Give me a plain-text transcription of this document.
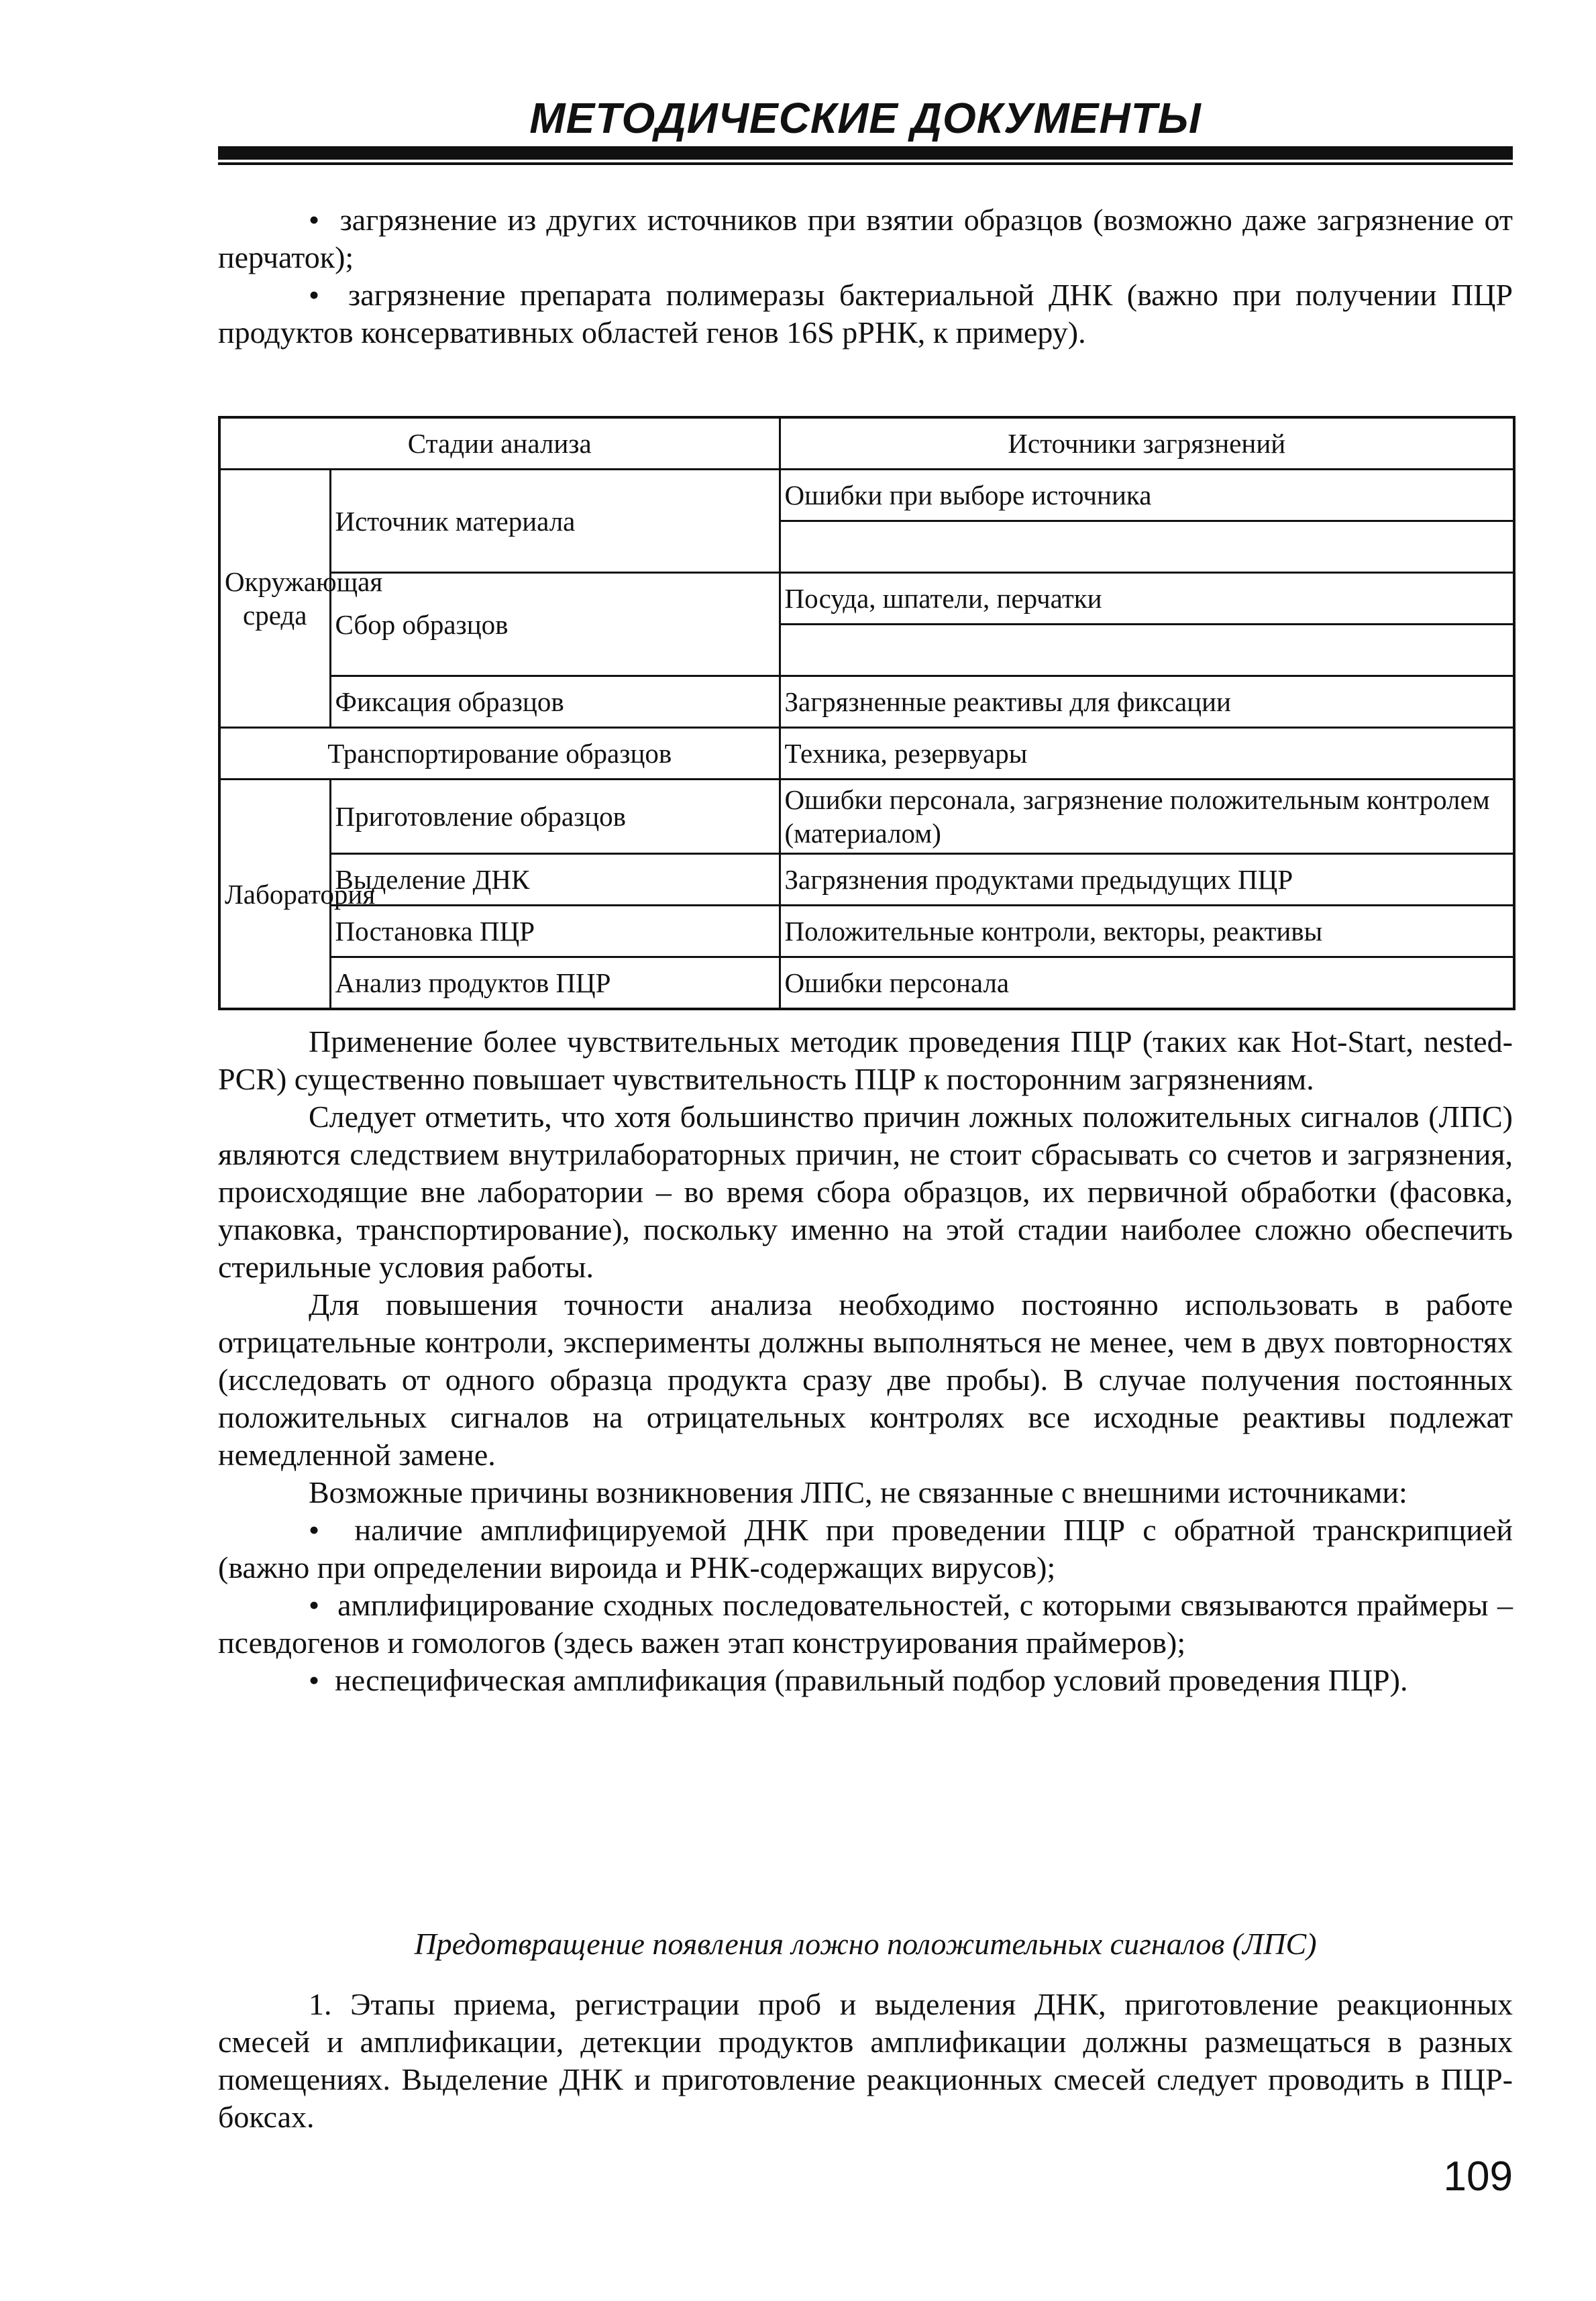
МЕТОДИЧЕСКИЕ ДОКУМЕНТЫ

•  загрязнение из других источников при взятии образцов (возможно даже загрязнение от перчаток);

•  загрязнение препарата полимеразы бактериальной ДНК (важно при получении ПЦР продуктов консервативных областей генов 16S рРНК, к примеру).

Стадии анализа		Источники загрязнений
Окружающая среда	Источник материала	Ошибки при выборе источника

	Сбор образцов	Посуда, шпатели, перчатки

	Фиксация образцов	Загрязненные реактивы для фиксации
Транспортирование образцов		Техника, резервуары
Лаборатория	Приготовление образцов	Ошибки персонала, загрязнение положительным контролем (материалом)
	Выделение ДНК	Загрязнения продуктами предыдущих ПЦР
	Постановка ПЦР	Положительные контроли, векторы, реактивы
	Анализ продуктов ПЦР	Ошибки персонала

Применение более чувствительных методик проведения ПЦР (таких как Hot-Start, nested-PCR) существенно повышает чувствительность ПЦР к посторонним загрязнениям.

Следует отметить, что хотя большинство причин ложных положительных сигналов (ЛПС) являются следствием внутрилабораторных причин, не стоит сбрасывать со счетов и загрязнения, происходящие вне лаборатории – во время сбора образцов, их первичной обработки (фасовка, упаковка, транспортирование), поскольку именно на этой стадии наиболее сложно обеспечить стерильные условия работы.

Для повышения точности анализа необходимо постоянно использовать в работе отрицательные контроли, эксперименты должны выполняться не менее, чем в двух повторностях (исследовать от одного образца продукта сразу две пробы). В случае получения постоянных положительных сигналов на отрицательных контролях все исходные реактивы подлежат немедленной замене.

Возможные причины возникновения ЛПС, не связанные с внешними источниками:

•  наличие амплифицируемой ДНК при проведении ПЦР с обратной транскрипцией (важно при определении вироида и РНК-содержащих вирусов);

•  амплифицирование сходных последовательностей, с которыми связываются праймеры – псевдогенов и гомологов (здесь важен этап конструирования праймеров);

•  неспецифическая амплификация (правильный подбор условий проведения ПЦР).

Предотвращение появления ложно положительных сигналов (ЛПС)

1. Этапы приема, регистрации проб и выделения ДНК, приготовление реакционных смесей и амплификации, детекции продуктов амплификации должны размещаться в разных помещениях. Выделение ДНК и приготовление реакционных смесей следует проводить в ПЦР-боксах.

109
